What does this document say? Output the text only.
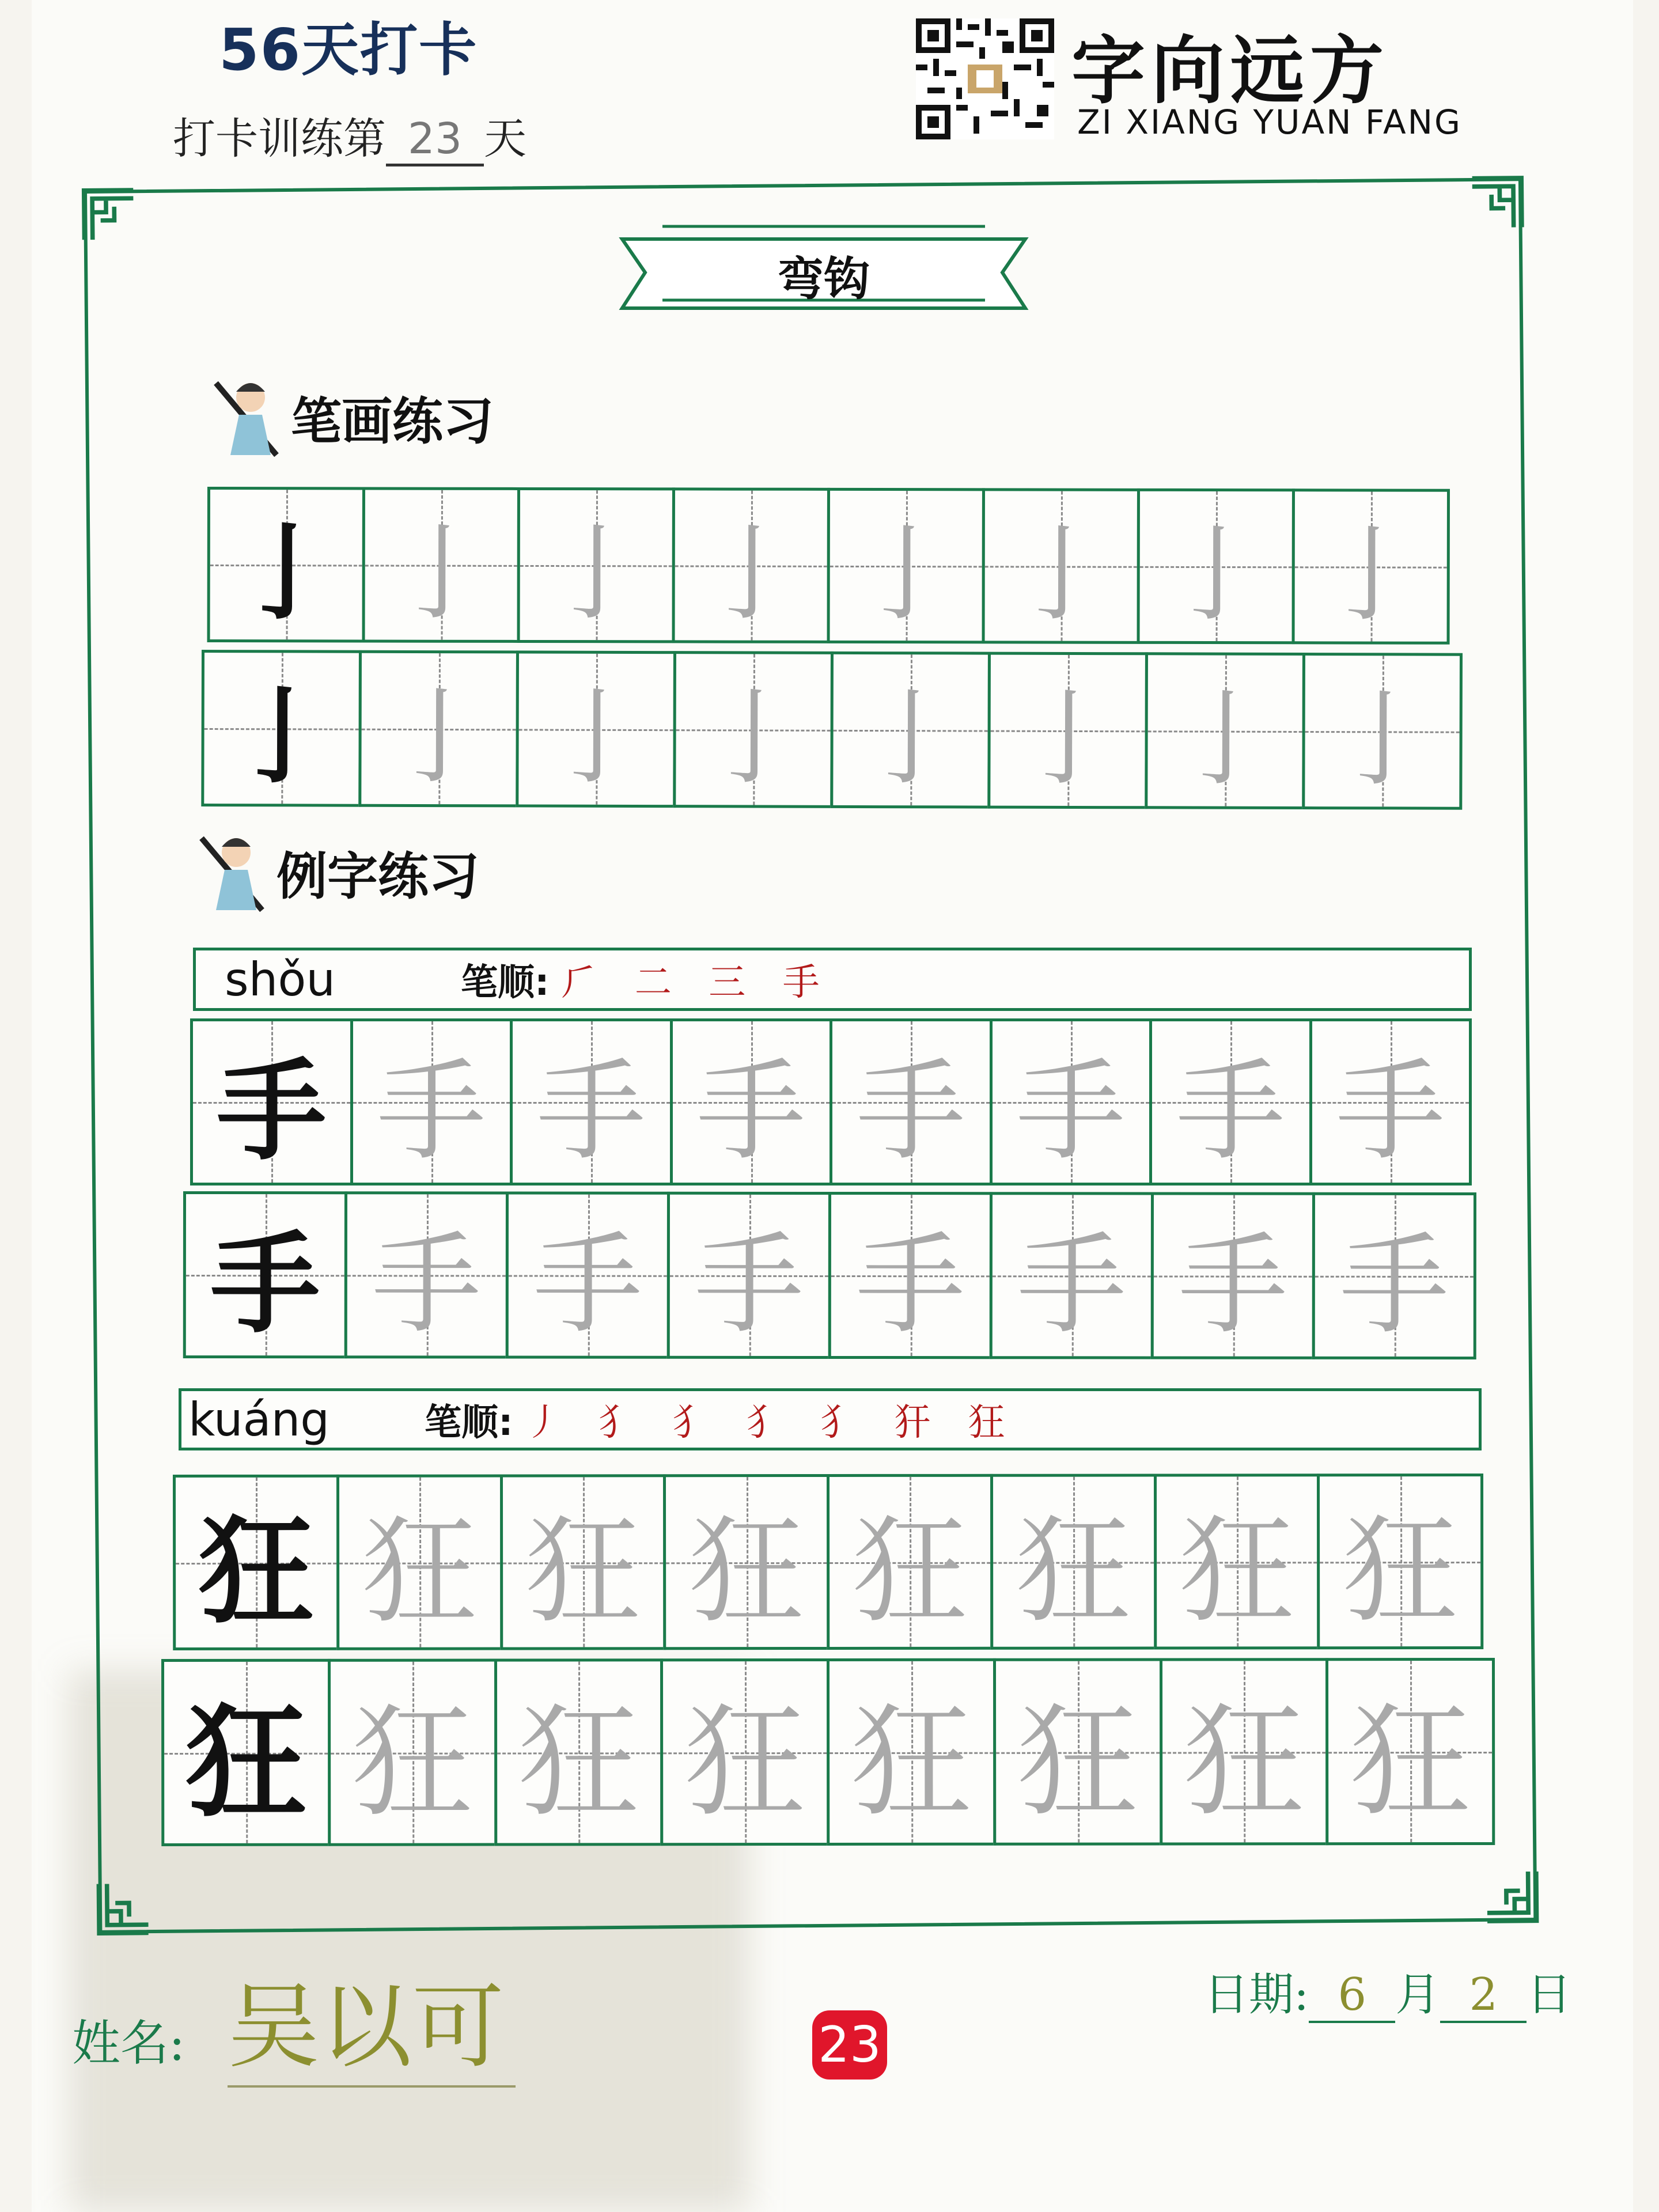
56天打卡
打卡训练第 23 天
字向远方
ZI XIANG YUAN FANG
弯钩
笔画练习
亅 亅 亅 亅 亅 亅 亅 亅
亅 亅 亅 亅 亅 亅 亅 亅
例字练习
shǒu	笔顺: ⺁ 二 三 手
手 手 手 手 手 手 手 手
手 手 手 手 手 手 手 手
kuáng	笔顺: 丿 犭 犭 犭 犭 犴 狂
狂 狂 狂 狂 狂 狂 狂 狂
狂 狂 狂 狂 狂 狂 狂 狂
姓名: 吴以可	23
日期: 6 月 2 日
